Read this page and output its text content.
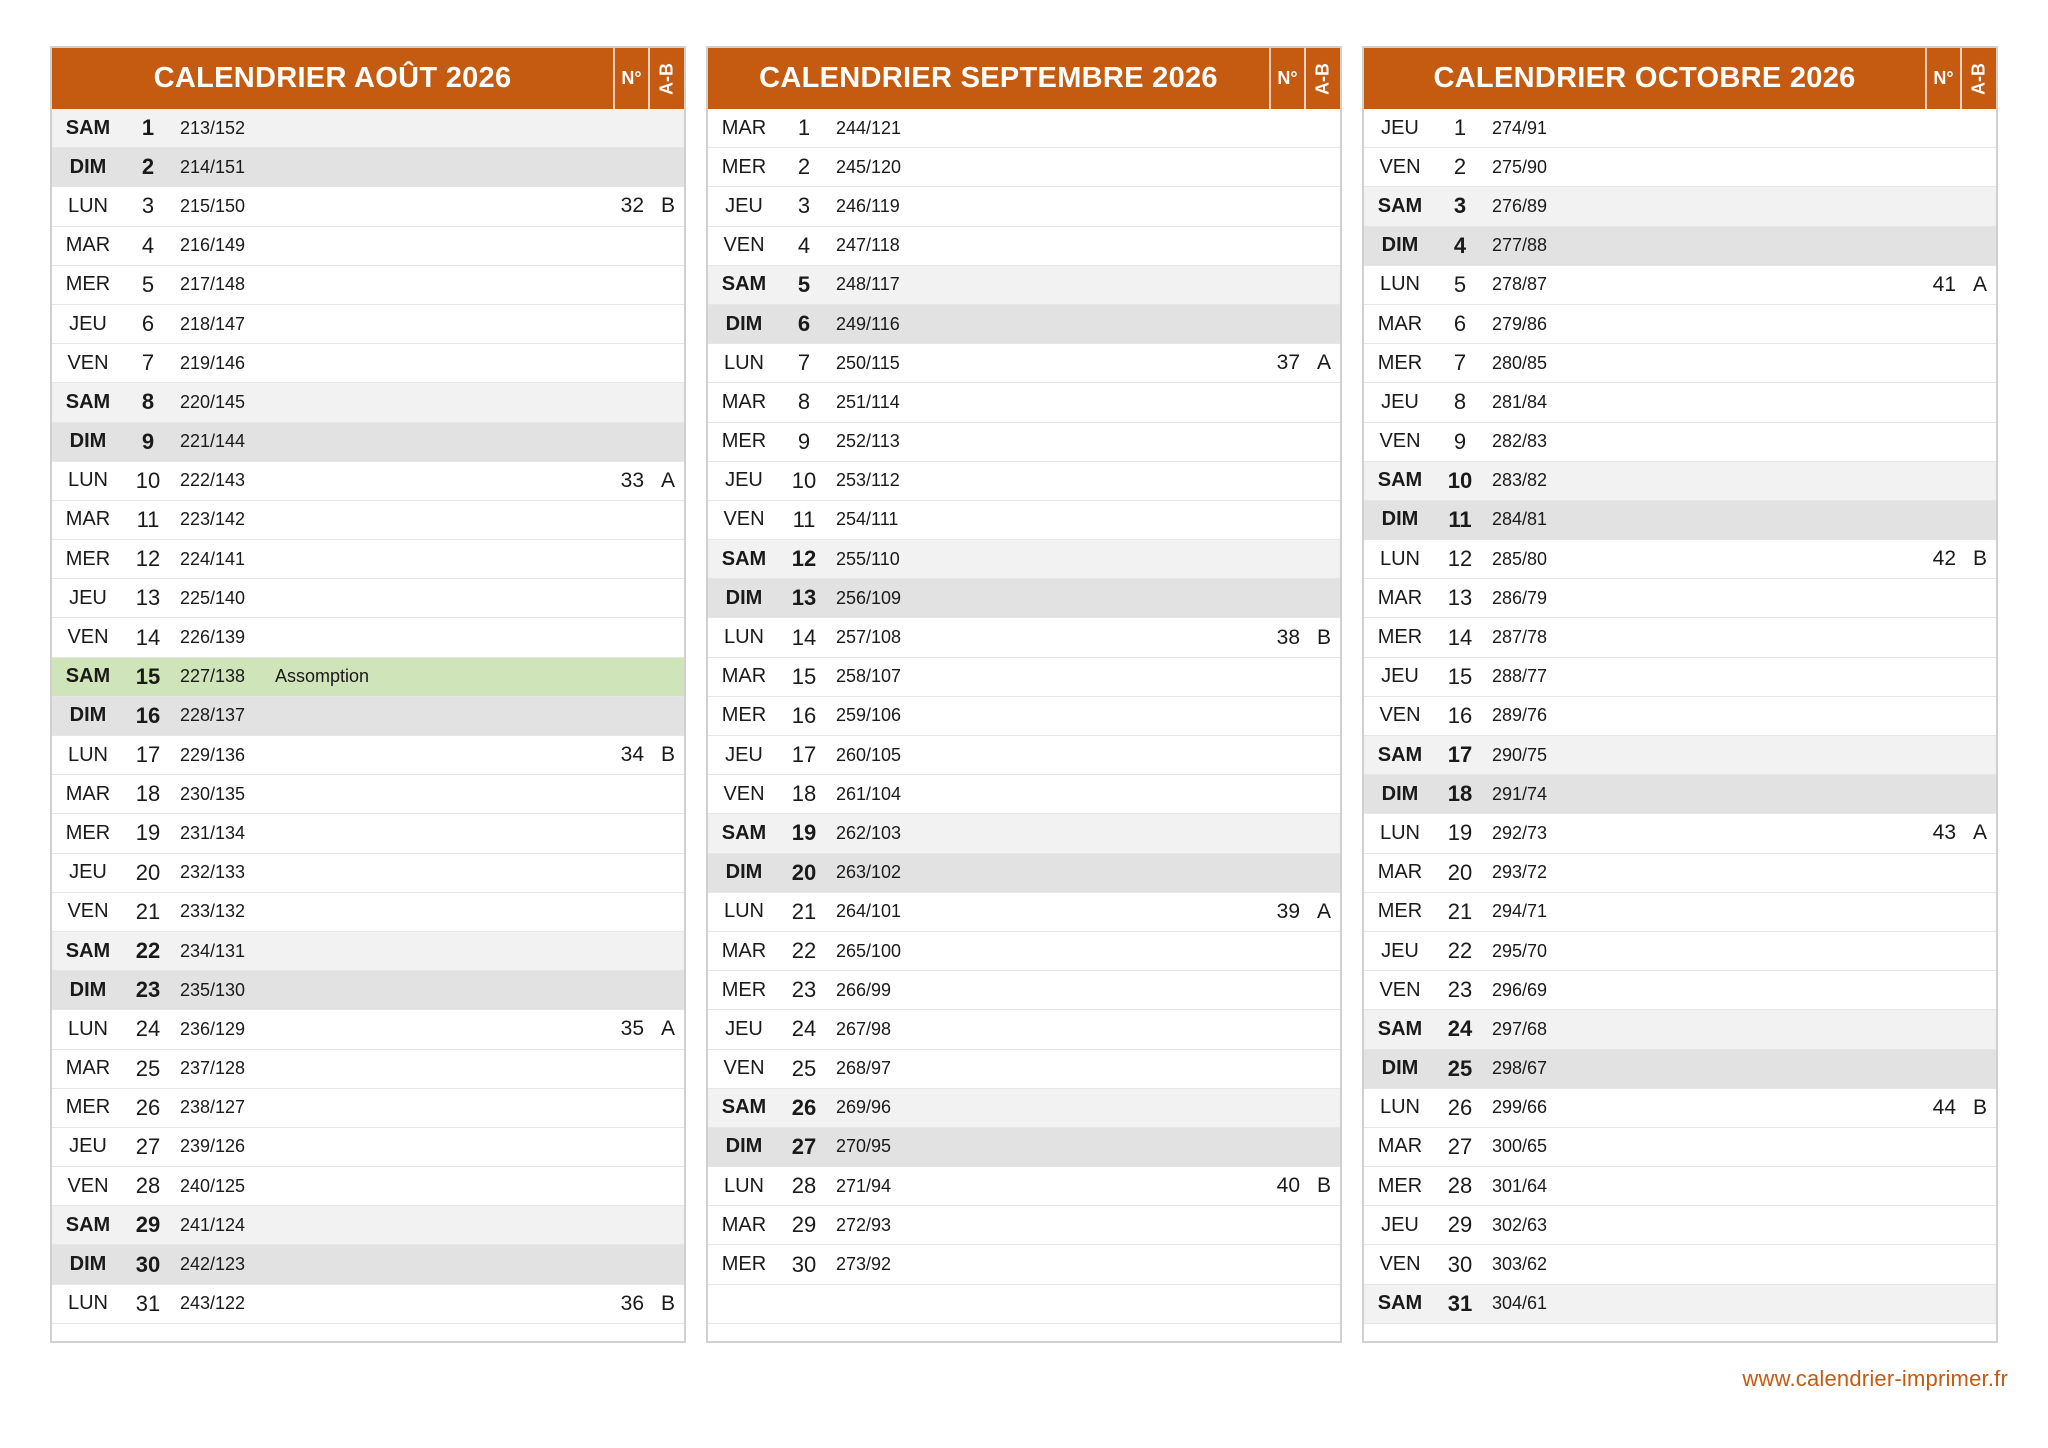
CALENDRIER AOÛT 2026	N° A-B
SAM	1	213/152
DIM	2	214/151
LUN	3	215/150	32 B
MAR	4	216/149
MER	5	217/148
JEU	6	218/147
VEN	7	219/146
SAM	8	220/145
DIM	9	221/144
LUN	10	222/143	33 A
MAR	11	223/142
MER	12	224/141
JEU	13	225/140
VEN	14	226/139
SAM	15	227/138	Assomption
DIM	16	228/137
LUN	17	229/136	34 B
MAR	18	230/135
MER	19	231/134
JEU	20	232/133
VEN	21	233/132
SAM	22	234/131
DIM	23	235/130
LUN	24	236/129	35 A
MAR	25	237/128
MER	26	238/127
JEU	27	239/126
VEN	28	240/125
SAM	29	241/124
DIM	30	242/123
LUN	31	243/122	36 B
CALENDRIER SEPTEMBRE 2026	N° A-B
MAR	1	244/121
MER	2	245/120
JEU	3	246/119
VEN	4	247/118
SAM	5	248/117
DIM	6	249/116
LUN	7	250/115	37 A
MAR	8	251/114
MER	9	252/113
JEU	10	253/112
VEN	11	254/111
SAM	12	255/110
DIM	13	256/109
LUN	14	257/108	38 B
MAR	15	258/107
MER	16	259/106
JEU	17	260/105
VEN	18	261/104
SAM	19	262/103
DIM	20	263/102
LUN	21	264/101	39 A
MAR	22	265/100
MER	23	266/99
JEU	24	267/98
VEN	25	268/97
SAM	26	269/96
DIM	27	270/95
LUN	28	271/94	40 B
MAR	29	272/93
MER	30	273/92
CALENDRIER OCTOBRE 2026	N° A-B
JEU	1	274/91
VEN	2	275/90
SAM	3	276/89
DIM	4	277/88
LUN	5	278/87	41 A
MAR	6	279/86
MER	7	280/85
JEU	8	281/84
VEN	9	282/83
SAM	10	283/82
DIM	11	284/81
LUN	12	285/80	42 B
MAR	13	286/79
MER	14	287/78
JEU	15	288/77
VEN	16	289/76
SAM	17	290/75
DIM	18	291/74
LUN	19	292/73	43 A
MAR	20	293/72
MER	21	294/71
JEU	22	295/70
VEN	23	296/69
SAM	24	297/68
DIM	25	298/67
LUN	26	299/66	44 B
MAR	27	300/65
MER	28	301/64
JEU	29	302/63
VEN	30	303/62
SAM	31	304/61
www.calendrier-imprimer.fr
